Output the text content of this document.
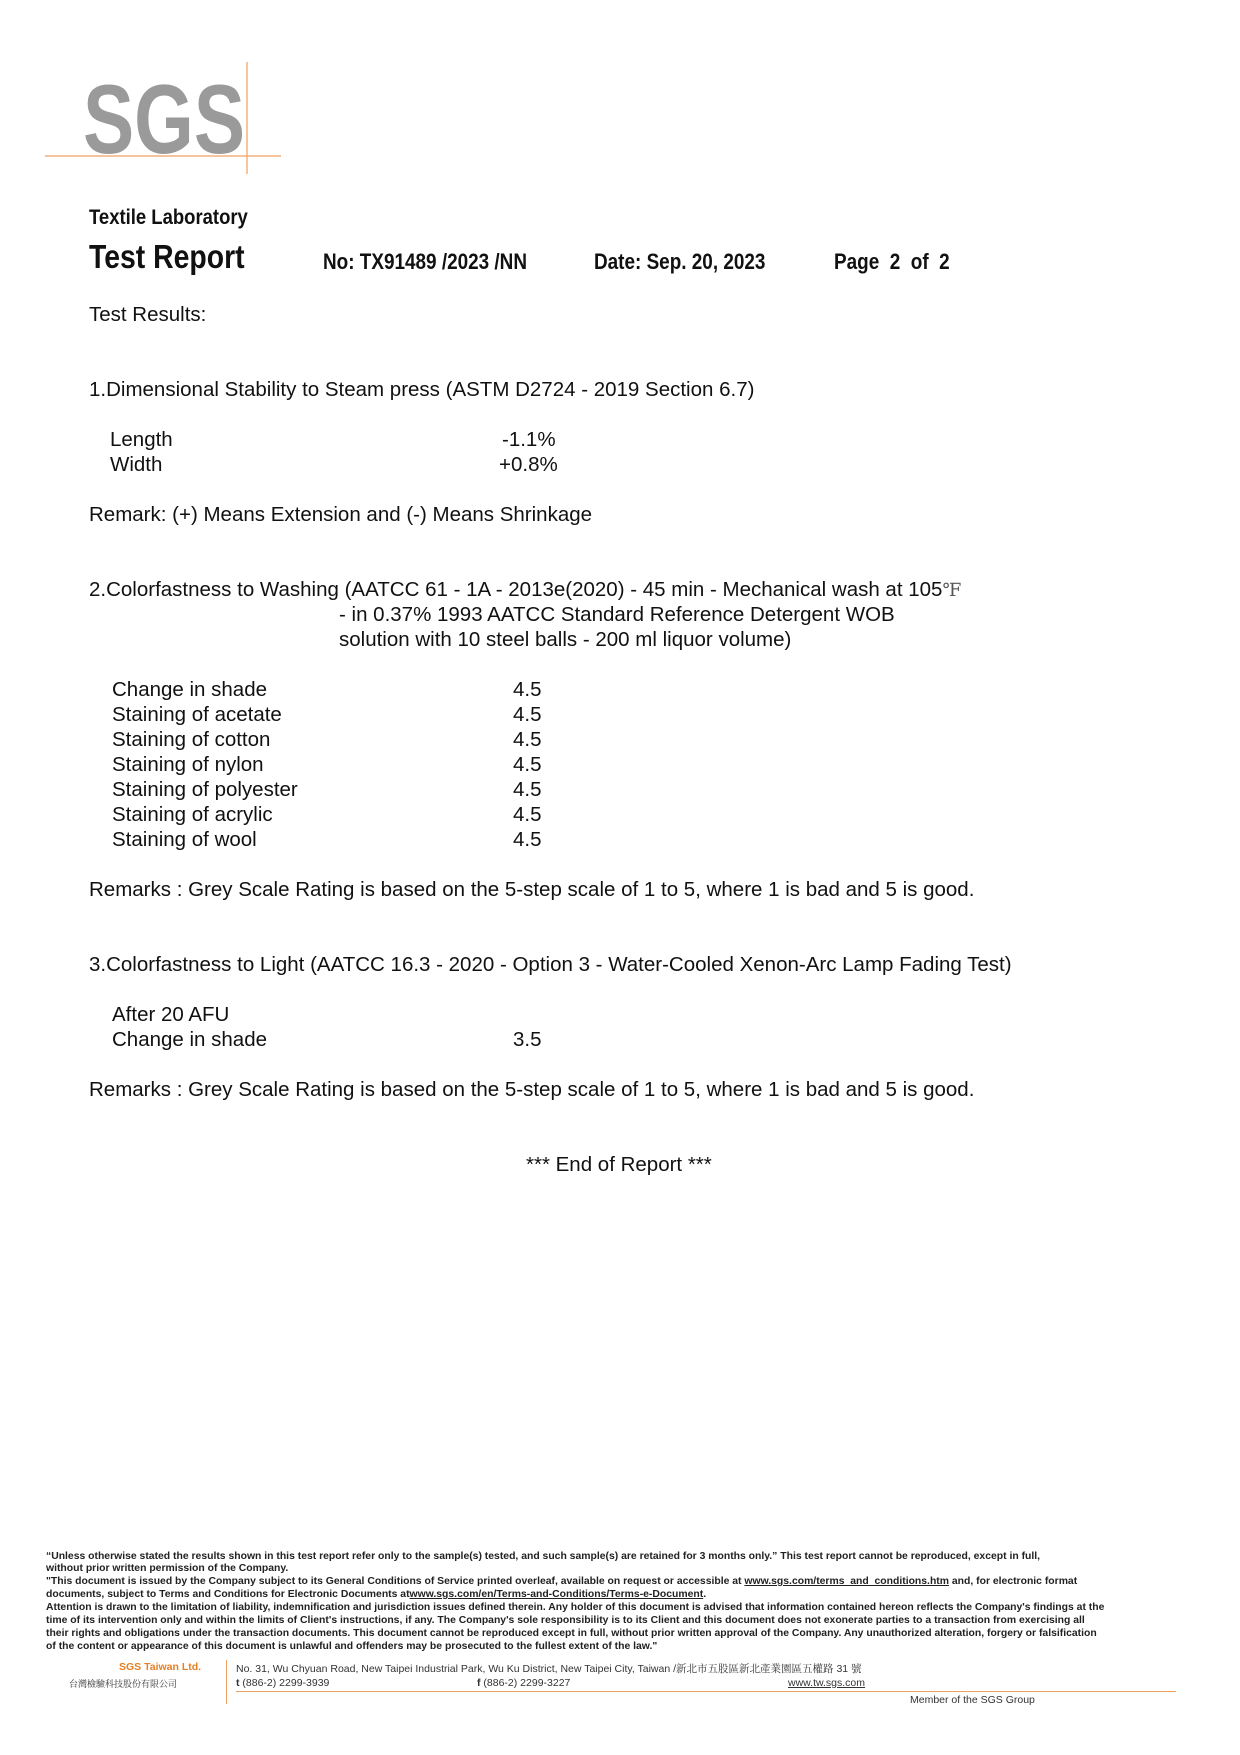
SGS
Textile Laboratory
Test Report	No: TX91489 /2023 /NN	Date: Sep. 20, 2023	Page  2  of  2
Test Results:
1.Dimensional Stability to Steam press (ASTM D2724 - 2019 Section 6.7)
Length	-1.1%
Width	+0.8%
Remark: (+) Means Extension and (-) Means Shrinkage
2.Colorfastness to Washing (AATCC 61 - 1A - 2013e(2020) - 45 min - Mechanical wash at 105℉
- in 0.37% 1993 AATCC Standard Reference Detergent WOB
solution with 10 steel balls - 200 ml liquor volume)
Change in shade	4.5
Staining of acetate	4.5
Staining of cotton	4.5
Staining of nylon	4.5
Staining of polyester	4.5
Staining of acrylic	4.5
Staining of wool	4.5
Remarks : Grey Scale Rating is based on the 5-step scale of 1 to 5, where 1 is bad and 5 is good.
3.Colorfastness to Light (AATCC 16.3 - 2020 - Option 3 - Water-Cooled Xenon-Arc Lamp Fading Test)
After 20 AFU
Change in shade	3.5
Remarks : Grey Scale Rating is based on the 5-step scale of 1 to 5, where 1 is bad and 5 is good.
*** End of Report ***
“Unless otherwise stated the results shown in this test report refer only to the sample(s) tested, and such sample(s) are retained for 3 months only.” This test report cannot be reproduced, except in full,
without prior written permission of the Company.
"This document is issued by the Company subject to its General Conditions of Service printed overleaf, available on request or accessible at www.sgs.com/terms_and_conditions.htm and, for electronic format
documents, subject to Terms and Conditions for Electronic Documents atwww.sgs.com/en/Terms-and-Conditions/Terms-e-Document.
Attention is drawn to the limitation of liability, indemnification and jurisdiction issues defined therein. Any holder of this document is advised that information contained hereon reflects the Company's findings at the
time of its intervention only and within the limits of Client's instructions, if any. The Company's sole responsibility is to its Client and this document does not exonerate parties to a transaction from exercising all
their rights and obligations under the transaction documents. This document cannot be reproduced except in full, without prior written approval of the Company. Any unauthorized alteration, forgery or falsification
of the content or appearance of this document is unlawful and offenders may be prosecuted to the fullest extent of the law."
SGS Taiwan Ltd.
台灣檢驗科技股份有限公司
No. 31, Wu Chyuan Road, New Taipei Industrial Park, Wu Ku District, New Taipei City, Taiwan /新北市五股區新北產業園區五權路 31 號
t (886-2) 2299-3939	f (886-2) 2299-3227	www.tw.sgs.com
Member of the SGS Group
